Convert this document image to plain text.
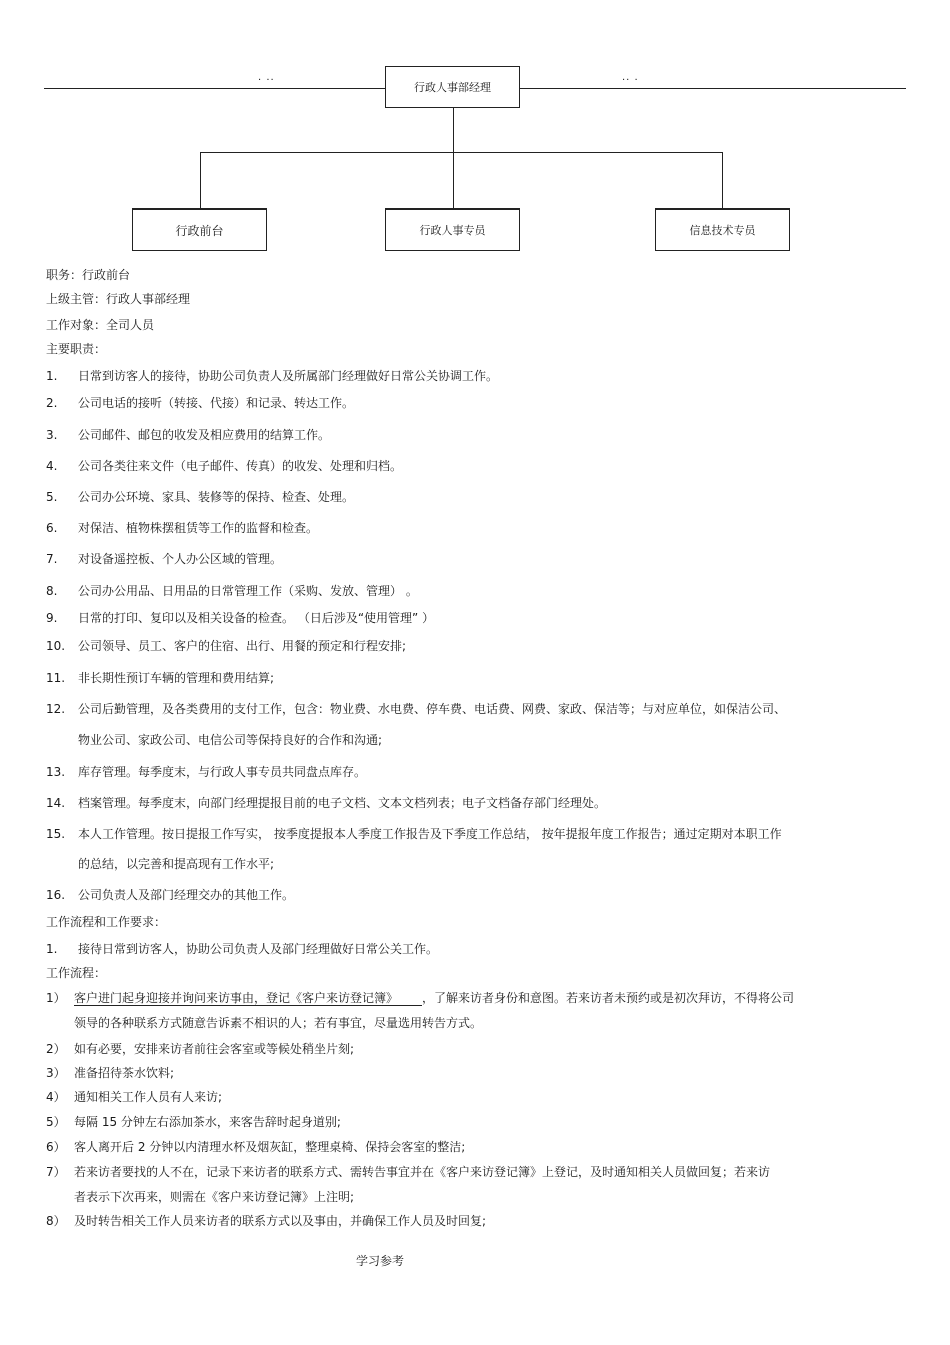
. ..	.. .
行政人事部经理
行政前台	行政人事专员	信息技术专员
职务：行政前台
上级主管：行政人事部经理
工作对象：全司人员
主要职责：
1. 日常到访客人的接待，协助公司负责人及所属部门经理做好日常公关协调工作。
2. 公司电话的接听（转接、代接）和记录、转达工作。
3. 公司邮件、邮包的收发及相应费用的结算工作。
4. 公司各类往来文件（电子邮件、传真）的收发、处理和归档。
5. 公司办公环境、家具、装修等的保持、检查、处理。
6. 对保洁、植物株摆租赁等工作的监督和检查。
7. 对设备遥控板、个人办公区域的管理。
8. 公司办公用品、日用品的日常管理工作（采购、发放、管理） 。
9. 日常的打印、复印以及相关设备的检查。 （日后涉及“使用管理” ）
10. 公司领导、员工、客户的住宿、出行、用餐的预定和行程安排;
11. 非长期性预订车辆的管理和费用结算;
12. 公司后勤管理，及各类费用的支付工作，包含：物业费、水电费、停车费、电话费、网费、家政、保洁等；与对应单位，如保洁公司、
物业公司、家政公司、电信公司等保持良好的合作和沟通;
13. 库存管理。每季度末，与行政人事专员共同盘点库存。
14. 档案管理。每季度末，向部门经理提报目前的电子文档、文本文档列表；电子文档备存部门经理处。
15. 本人工作管理。按日提报工作写实， 按季度提报本人季度工作报告及下季度工作总结， 按年提报年度工作报告；通过定期对本职工作
的总结，以完善和提高现有工作水平;
16. 公司负责人及部门经理交办的其他工作。
工作流程和工作要求：
1. 接待日常到访客人，协助公司负责人及部门经理做好日常公关工作。
工作流程：
1） 客户进门起身迎接并询问来访事由，登记《客户来访登记簿》 ，了解来访者身份和意图。若来访者未预约或是初次拜访，不得将公司
领导的各种联系方式随意告诉素不相识的人；若有事宜，尽量选用转告方式。
2） 如有必要，安排来访者前往会客室或等候处稍坐片刻;
3） 准备招待茶水饮料;
4） 通知相关工作人员有人来访;
5） 每隔 15 分钟左右添加茶水，来客告辞时起身道别;
6） 客人离开后 2 分钟以内清理水杯及烟灰缸，整理桌椅、保持会客室的整洁;
7） 若来访者要找的人不在，记录下来访者的联系方式、需转告事宜并在《客户来访登记簿》上登记，及时通知相关人员做回复；若来访
者表示下次再来，则需在《客户来访登记簿》上注明;
8） 及时转告相关工作人员来访者的联系方式以及事由，并确保工作人员及时回复;
学习参考
